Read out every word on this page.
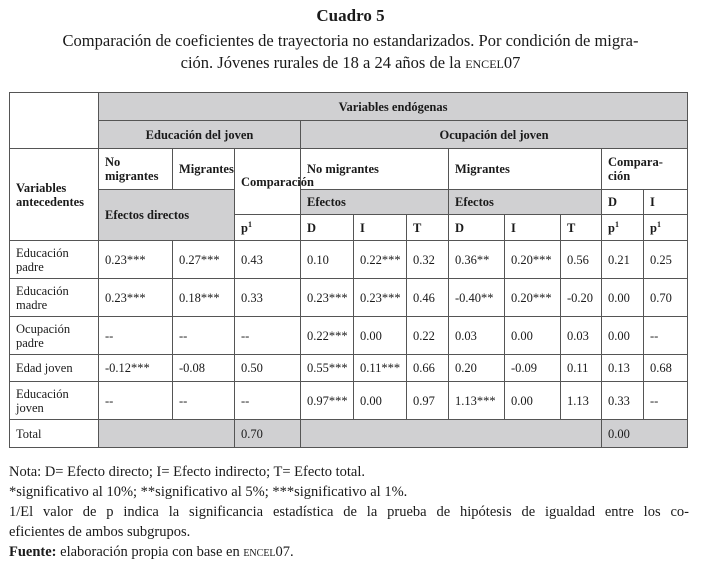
Cuadro 5
Comparación de coeficientes de trayectoria no estandarizados. Por condición de migra-
ción. Jóvenes rurales de 18 a 24 años de la encel07
	Variables endógenas										
	Educación del joven			Ocupación del joven							
Variables antecedentes	No migrantes	Migrantes	Comparación	No migrantes			Migrantes			Compara-ción	
	Efectos directos			Efectos			Efectos			D	I
			$p^1$	D	I	T	D	I	T	$p^1$	$p^1$
Educación padre	0.23***	0.27***	0.43	0.10	0.22***	0.32	0.36**	0.20***	0.56	0.21	0.25
Educación madre	0.23***	0.18***	0.33	0.23***	0.23***	0.46	-0.40**	0.20***	-0.20	0.00	0.70
Ocupación padre	--	--	--	0.22***	0.00	0.22	0.03	0.00	0.03	0.00	--
Edad joven	-0.12***	-0.08	0.50	0.55***	0.11***	0.66	0.20	-0.09	0.11	0.13	0.68
Educación joven	--	--	--	0.97***	0.00	0.97	1.13***	0.00	1.13	0.33	--
Total			0.70							0.00	

Nota: D= Efecto directo; I= Efecto indirecto; T= Efecto total.

*significativo al 10%; **significativo al 5%; ***significativo al 1%.

1/El valor de p indica la significancia estadística de la prueba de hipótesis de igualdad entre los co-

eficientes de ambos subgrupos.

Fuente: elaboración propia con base en encel07.
